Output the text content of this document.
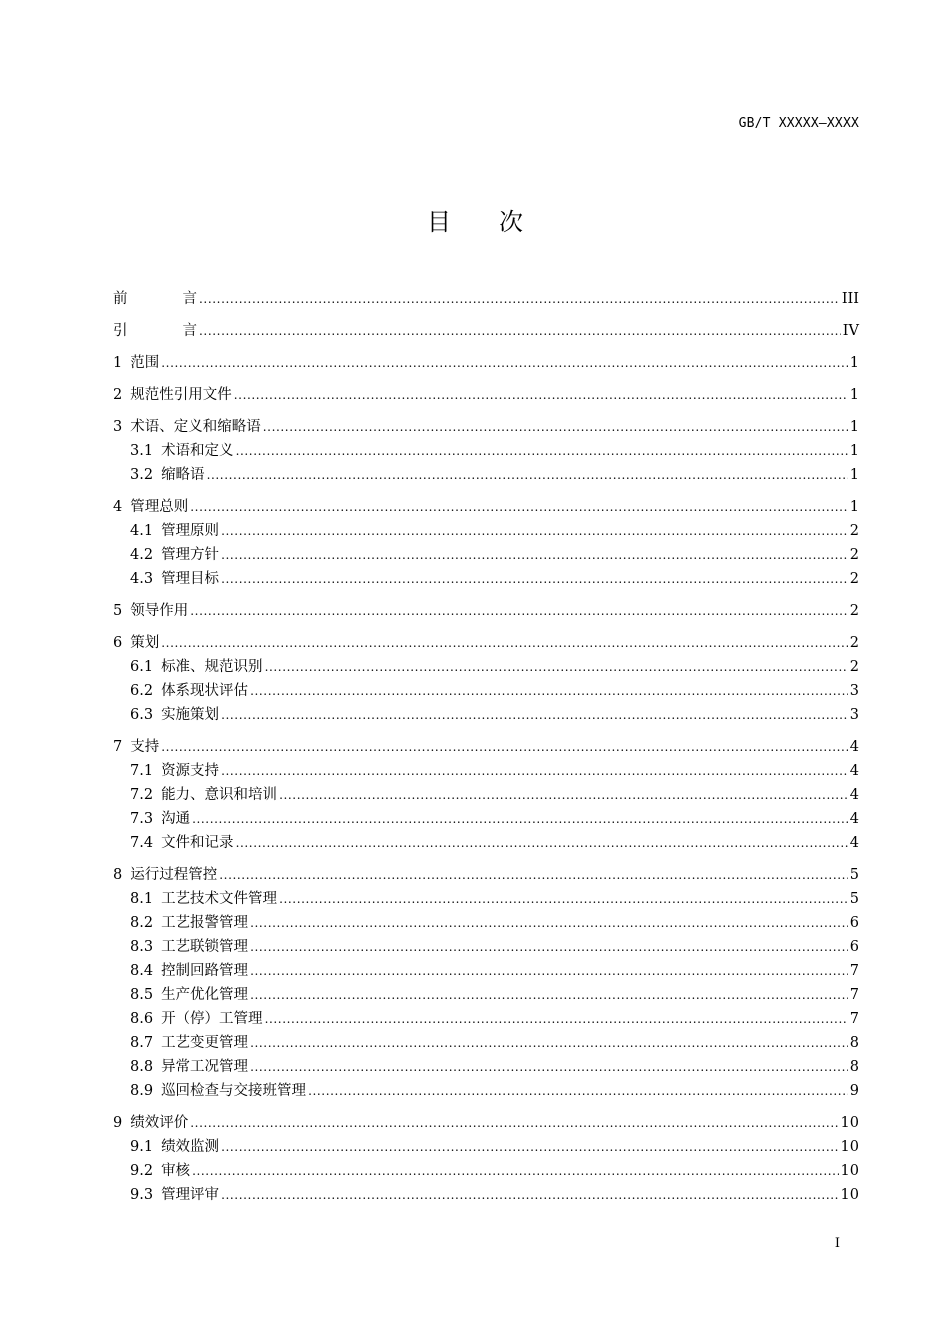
GB/T XXXXX—XXXX
目次
前言 .....	III
引言 .....	IV
1 范围 .....	1
2 规范性引用文件 .....	1
3 术语、定义和缩略语 .....	1
3.1 术语和定义 .....	1
3.2 缩略语 .....	1
4 管理总则 .....	1
4.1 管理原则 .....	2
4.2 管理方针 .....	2
4.3 管理目标 .....	2
5 领导作用 .....	2
6 策划 .....	2
6.1 标准、规范识别 .....	2
6.2 体系现状评估 .....	3
6.3 实施策划 .....	3
7 支持 .....	4
7.1 资源支持 .....	4
7.2 能力、意识和培训 .....	4
7.3 沟通 .....	4
7.4 文件和记录 .....	4
8 运行过程管控 .....	5
8.1 工艺技术文件管理 .....	5
8.2 工艺报警管理 .....	6
8.3 工艺联锁管理 .....	6
8.4 控制回路管理 .....	7
8.5 生产优化管理 .....	7
8.6 开（停）工管理 .....	7
8.7 工艺变更管理 .....	8
8.8 异常工况管理 .....	8
8.9 巡回检查与交接班管理 .....	9
9 绩效评价 .....	10
9.1 绩效监测 .....	10
9.2 审核 .....	10
9.3 管理评审 .....	10
I
